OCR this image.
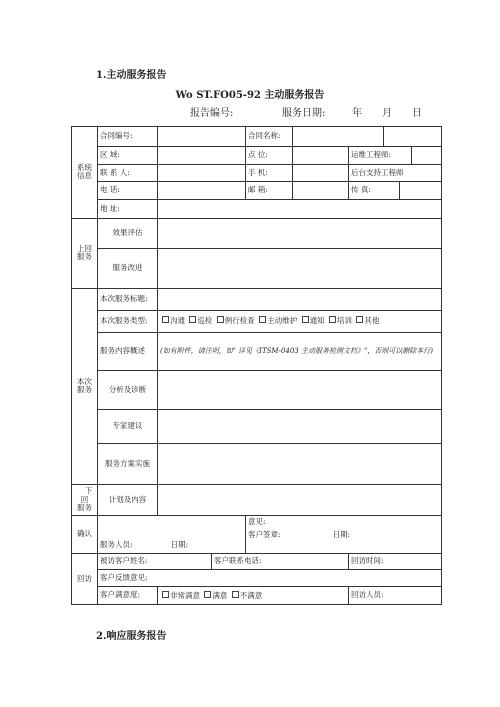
1.主动服务报告
Wo ST.FO05-92 主动服务报告
报告编号:	服务日期:	年 月 日
系统信息	合同编号:			合同名称:					
	区 域:			点 位:		运维工程师:			
	联 系 人:			手 机:		后台支持工程师			
	电 话:			邮 箱:		传 真:			
	地 址:								
上回服务	效果评估								
	服务改进								
本次服务	本次服务标题:								
	本次服务类型:	沟通 巡检 例行检查 主动维护 通知 培训 其他							
	服务内容概述	(如有附件，请注明，如" 详见《ITSM-0403 主动服务检测文档》"，否则可以删除本行)							
	分析及诊断								
	专家建议								
	服务方案实施								
下回
服务	计划及内容								
确认	服务人员: 日期:			意见:
客户签章: 日期:					

回访	被访客户姓名:		客户联系电话:			回访时间:			
	客户反馈意见:								
	客户满意度:	非常满意 满意 不满意				回访人员:			
2.响应服务报告
